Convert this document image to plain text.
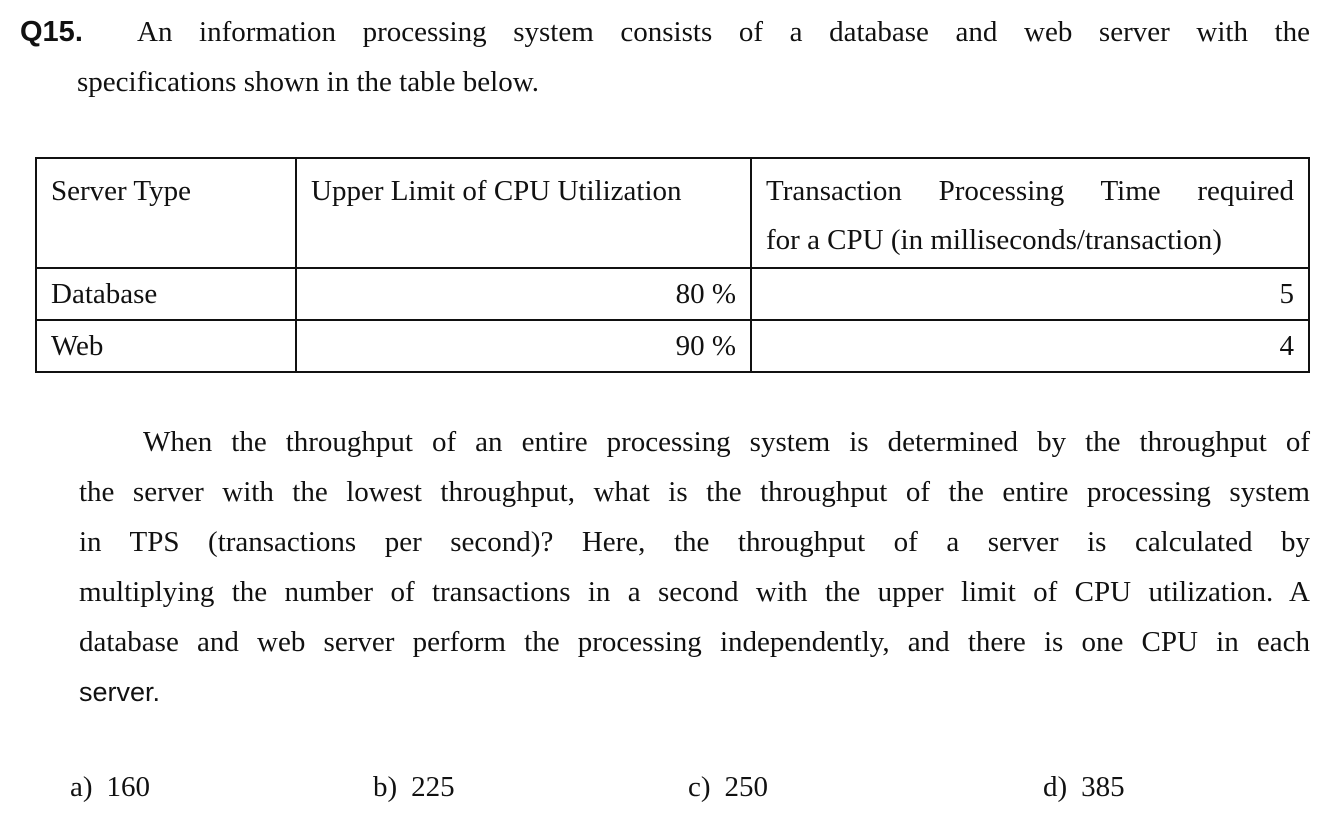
Q15. An information processing system consists of a database and web server with the
specifications shown in the table below.
Server Type	Upper Limit of CPU Utilization	Transaction Processing Time required
for a CPU (in milliseconds/transaction)
Database	80 %	5
Web	90 %	4
When the throughput of an entire processing system is determined by the throughput of
the server with the lowest throughput, what is the throughput of the entire processing system
in TPS (transactions per second)? Here, the throughput of a server is calculated by
multiplying the number of transactions in a second with the upper limit of CPU utilization. A
database and web server perform the processing independently, and there is one CPU in each
server.
a) 160	b) 225	c) 250	d) 385
